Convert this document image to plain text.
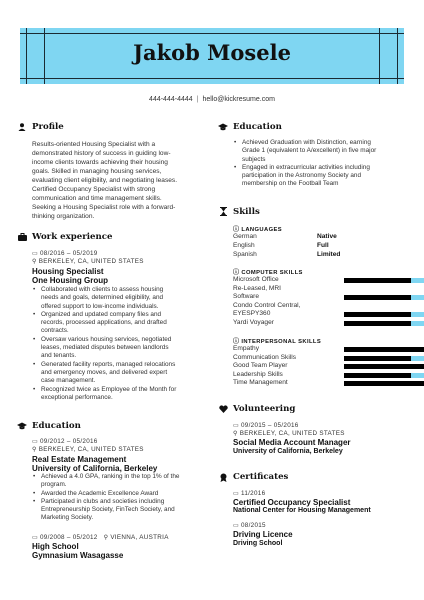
Jakob Mosele
444-444-4444 | hello@kickresume.com
Profile
Results-oriented Housing Specialist with a
demonstrated history of success in guiding low-
income clients towards achieving their housing
goals. Skilled in managing housing services,
evaluating client eligibility, and negotiating leases.
Certified Occupancy Specialist with strong
communication and time management skills.
Seeking a Housing Specialist role with a forward-
thinking organization.
Work experience
▭ 08/2016 – 05/2019
⚲ BERKELEY, CA, UNITED STATES
Housing Specialist
One Housing Group
• Collaborated with clients to assess housing
needs and goals, determined eligibility, and
offered support to low-income individuals.
• Organized and updated company files and
records, processed applications, and drafted
contracts.
• Oversaw various housing services, negotiated
leases, mediated disputes between landlords
and tenants.
• Generated facility reports, managed relocations
and emergency moves, and delivered expert
case management.
• Recognized twice as Employee of the Month for
exceptional performance.
Education
▭ 09/2012 – 05/2016
⚲ BERKELEY, CA, UNITED STATES
Real Estate Management
University of California, Berkeley
• Achieved a 4.0 GPA, ranking in the top 1% of the
program.
• Awarded the Academic Excellence Award
• Participated in clubs and societies including
Entrepreneurship Society, FinTech Society, and
Marketing Society.
▭ 09/2008 – 05/2012 ⚲ VIENNA, AUSTRIA
High School
Gymnasium Wasagasse
Education
• Achieved Graduation with Distinction, earning
Grade 1 (equivalent to A/excellent) in five major
subjects
• Engaged in extracurricular activities including
participation in the Astronomy Society and
membership on the Football Team
Skills
ⓘ LANGUAGES
German	Native
English	Full
Spanish	Limited
ⓘ COMPUTER SKILLS
Microsoft Office
Re-Leased, MRI
Software
Condo Control Central,
EYESPY360
Yardi Voyager
ⓘ INTERPERSONAL SKILLS
Empathy
Communication Skills
Good Team Player
Leadership Skills
Time Management
Volunteering
▭ 09/2015 – 05/2016
⚲ BERKELEY, CA, UNITED STATES
Social Media Account Manager
University of California, Berkeley
Certificates
▭ 11/2016
Certified Occupancy Specialist
National Center for Housing Management
▭ 08/2015
Driving Licence
Driving School
